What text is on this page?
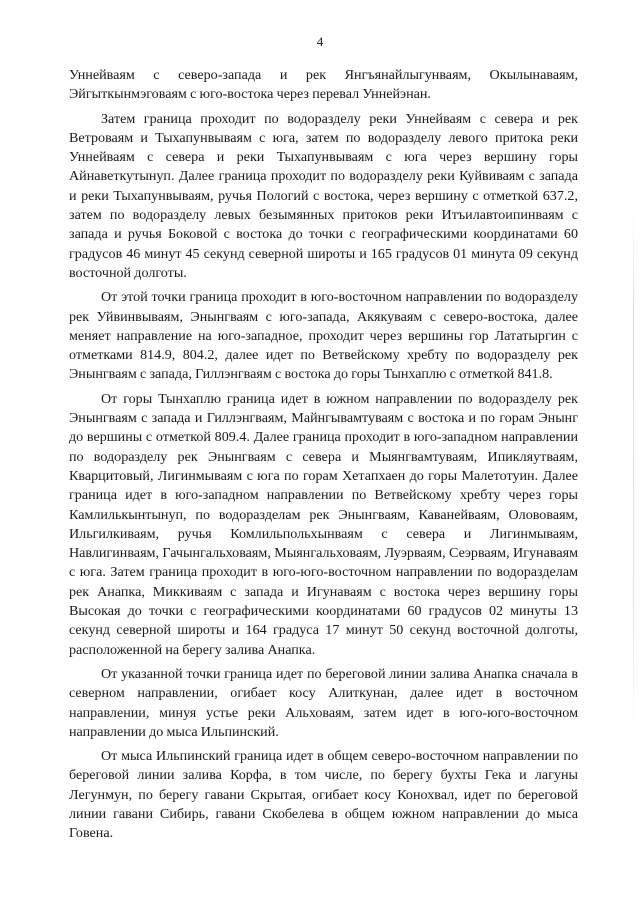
4

Уннейваям с северо-запада и рек Янгъянайлыгунваям, Окылынаваям, Эйгыткынмэговаям с юго-востока через перевал Уннейэнан.

Затем граница проходит по водоразделу реки Уннейваям с севера и рек Ветроваям и Тыхапунвываям с юга, затем по водоразделу левого притока реки Уннейваям с севера и реки Тыхапунвываям с юга через вершину горы Айнаветкутынуп. Далее граница проходит по водоразделу реки Куйвиваям с запада и реки Тыхапунвываям, ручья Пологий с востока, через вершину с отметкой 637.2, затем по водоразделу левых безымянных притоков реки Итъилавтоипинваям с запада и ручья Боковой с востока до точки с географическими координатами 60 градусов 46 минут 45 секунд северной широты и 165 градусов 01 минута 09 секунд восточной долготы.

От этой точки граница проходит в юго-восточном направлении по водоразделу рек Уйвинвываям, Энынгваям с юго-запада, Акякуваям с северо-востока, далее меняет направление на юго-западное, проходит через вершины гор Лататыргин с отметками 814.9, 804.2, далее идет по Ветвейскому хребту по водоразделу рек Энынгваям с запада, Гиллэнгваям с востока до горы Тынхаплю с отметкой 841.8.

От горы Тынхаплю граница идет в южном направлении по водоразделу рек Энынгваям с запада и Гиллэнгваям, Майнгывамтуваям с востока и по горам Энынг до вершины с отметкой 809.4. Далее граница проходит в юго-западном направлении по водоразделу рек Энынгваям с севера и Мыянгвамтуваям, Ипикляутваям, Кварцитовый, Лигинмываям с юга по горам Хетапхаен до горы Малетотуин. Далее граница идет в юго-западном направлении по Ветвейскому хребту через горы Камлилькынтынуп, по водоразделам рек Энынгваям, Каванейваям, Олововаям, Ильгилкиваям, ручья Комлильпольхынваям с севера и Лигинмываям, Навлигинваям, Гачынгальховаям, Мыянгальховаям, Луэрваям, Сеэрваям, Игунаваям с юга. Затем граница проходит в юго-юго-восточном направлении по водоразделам рек Анапка, Миккиваям с запада и Игунаваям с востока через вершину горы Высокая до точки с географическими координатами 60 градусов 02 минуты 13 секунд северной широты и 164 градуса 17 минут 50 секунд восточной долготы, расположенной на берегу залива Анапка.

От указанной точки граница идет по береговой линии залива Анапка сначала в северном направлении, огибает косу Алиткунан, далее идет в восточном направлении, минуя устье реки Альховаям, затем идет в юго-юго-восточном направлении до мыса Ильпинский.

От мыса Ильпинский граница идет в общем северо-восточном направлении по береговой линии залива Корфа, в том числе, по берегу бухты Гека и лагуны Легунмун, по берегу гавани Скрытая, огибает косу Конохвал, идет по береговой линии гавани Сибирь, гавани Скобелева в общем южном направлении до мыса Говена.
